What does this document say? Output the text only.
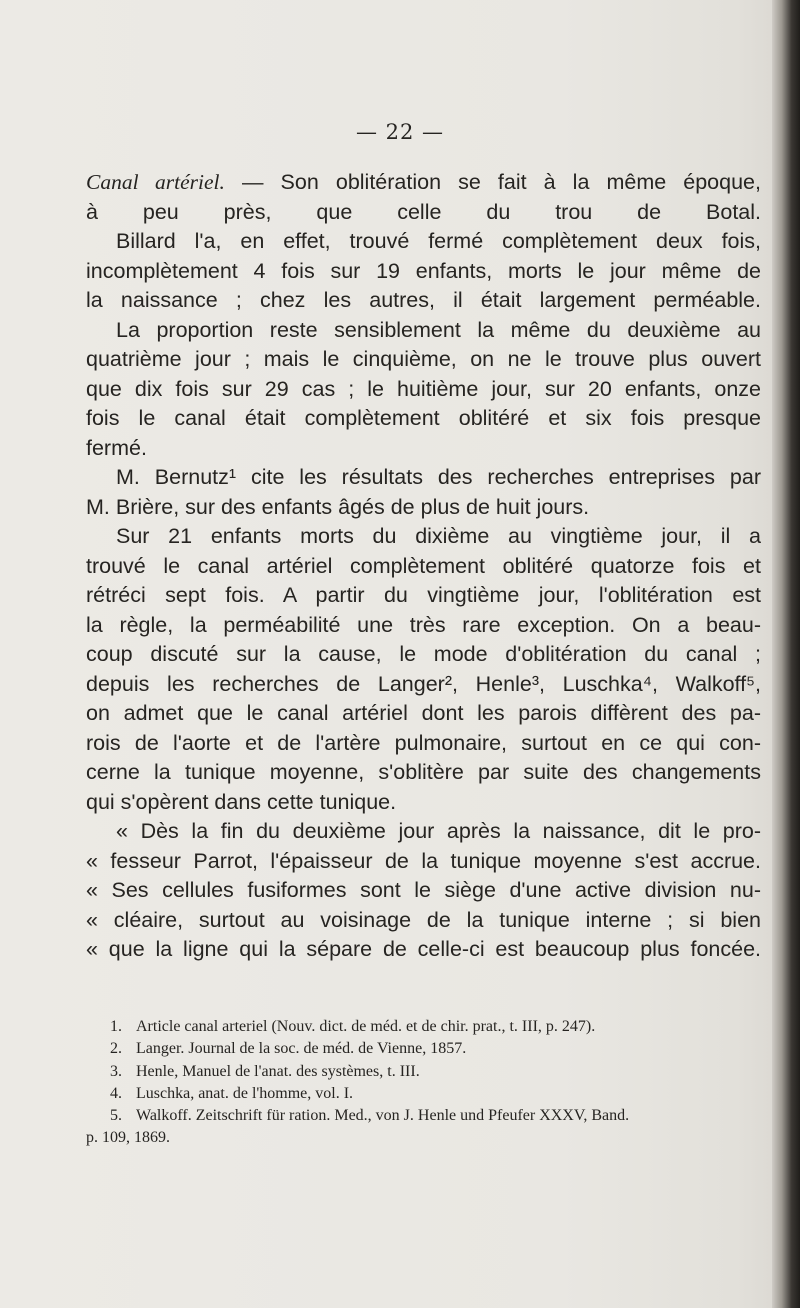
— 22 —
Canal artériel. — Son oblitération se fait à la même époque,
à peu près, que celle du trou de Botal.
Billard l'a, en effet, trouvé fermé complètement deux fois,
incomplètement 4 fois sur 19 enfants, morts le jour même de
la naissance ; chez les autres, il était largement perméable.
La proportion reste sensiblement la même du deuxième au
quatrième jour ; mais le cinquième, on ne le trouve plus ouvert
que dix fois sur 29 cas ; le huitième jour, sur 20 enfants, onze
fois le canal était complètement oblitéré et six fois presque
fermé.
M. Bernutz¹ cite les résultats des recherches entreprises par
M. Brière, sur des enfants âgés de plus de huit jours.
Sur 21 enfants morts du dixième au vingtième jour, il a
trouvé le canal artériel complètement oblitéré quatorze fois et
rétréci sept fois. A partir du vingtième jour, l'oblitération est
la règle, la perméabilité une très rare exception. On a beau-
coup discuté sur la cause, le mode d'oblitération du canal ;
depuis les recherches de Langer², Henle³, Luschka⁴, Walkoff⁵,
on admet que le canal artériel dont les parois diffèrent des pa-
rois de l'aorte et de l'artère pulmonaire, surtout en ce qui con-
cerne la tunique moyenne, s'oblitère par suite des changements
qui s'opèrent dans cette tunique.
« Dès la fin du deuxième jour après la naissance, dit le pro-
« fesseur Parrot, l'épaisseur de la tunique moyenne s'est accrue.
« Ses cellules fusiformes sont le siège d'une active division nu-
« cléaire, surtout au voisinage de la tunique interne ; si bien
« que la ligne qui la sépare de celle-ci est beaucoup plus foncée.
1. Article canal arteriel (Nouv. dict. de méd. et de chir. prat., t. III, p. 247).
2. Langer. Journal de la soc. de méd. de Vienne, 1857.
3. Henle, Manuel de l'anat. des systèmes, t. III.
4. Luschka, anat. de l'homme, vol. I.
5. Walkoff. Zeitschrift für ration. Med., von J. Henle und Pfeufer XXXV, Band.
p. 109, 1869.
